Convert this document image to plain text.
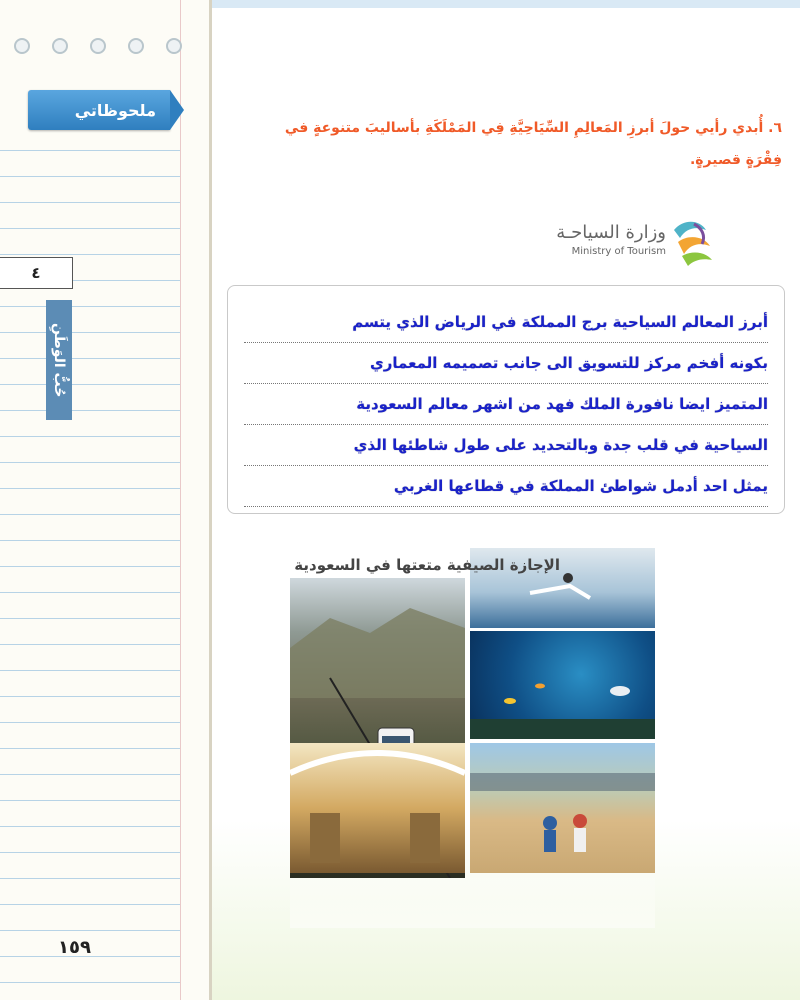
ملحوظاتي
٤
حُبُّ الوَطَنِ
١٥٩
٦. أُبدي رأيي حولَ أبرزِ المَعالِمِ السِّيَاحِيَّةِ فِي المَمْلَكَةِ بأساليبَ متنوعةٍ في فِقْرَةٍ قصيرةٍ.
وزارة السياحـة
Ministry of Tourism
أبرز المعالم السياحية برج المملكة في الرياض الذي يتسم
بكونه أفخم مركز للتسويق الى جانب تصميمه المعماري
المتميز ايضا نافورة الملك فهد من اشهر معالم السعودية
السياحية في قلب جدة وبالتحديد على طول شاطئها الذي
يمثل احد أدمل شواطئ المملكة في قطاعها الغربي
الإجازة الصيفية متعتها في السعودية
